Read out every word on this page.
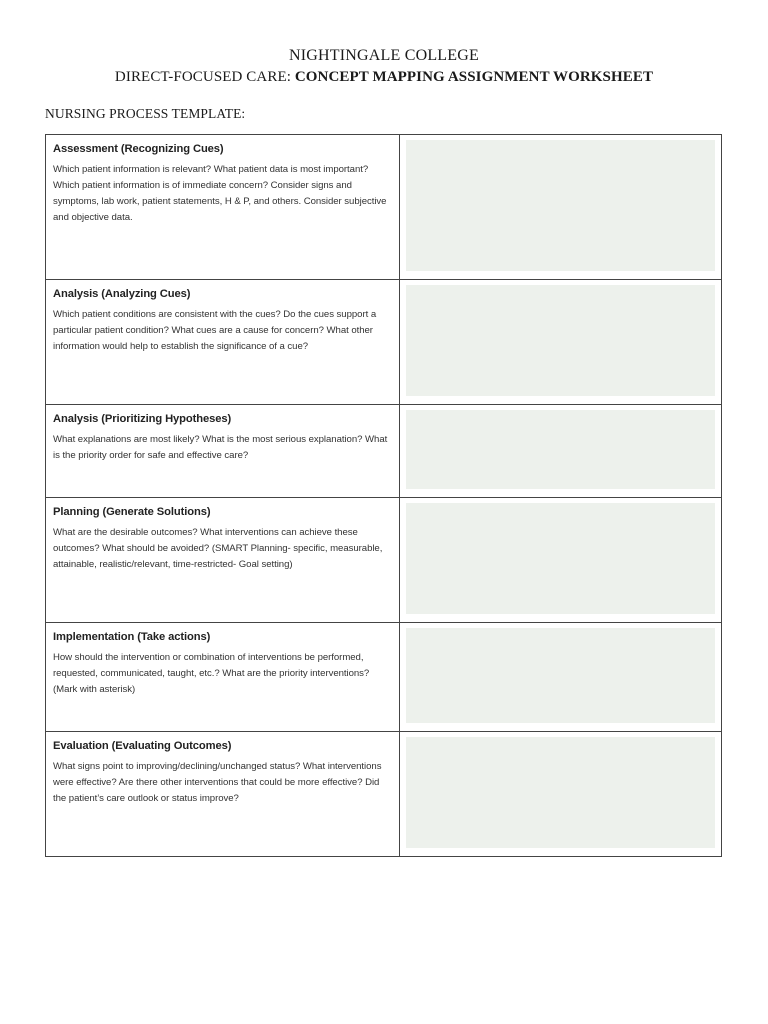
NIGHTINGALE COLLEGE
DIRECT-FOCUSED CARE: CONCEPT MAPPING ASSIGNMENT WORKSHEET
NURSING PROCESS TEMPLATE:
Assessment (Recognizing Cues)
Which patient information is relevant? What patient data is most important? Which patient information is of immediate concern? Consider signs and symptoms, lab work, patient statements, H & P, and others. Consider subjective and objective data.	

Analysis (Analyzing Cues)
Which patient conditions are consistent with the cues? Do the cues support a particular patient condition? What cues are a cause for concern? What other information would help to establish the significance of a cue?	

Analysis (Prioritizing Hypotheses)
What explanations are most likely? What is the most serious explanation? What is the priority order for safe and effective care?	

Planning (Generate Solutions)
What are the desirable outcomes? What interventions can achieve these outcomes? What should be avoided? (SMART Planning- specific, measurable, attainable, realistic/relevant, time-restricted- Goal setting)	

Implementation (Take actions)
How should the intervention or combination of interventions be performed, requested, communicated, taught, etc.? What are the priority interventions? (Mark with asterisk)	

Evaluation (Evaluating Outcomes)
What signs point to improving/declining/unchanged status? What interventions were effective? Are there other interventions that could be more effective? Did the patient’s care outlook or status improve?	
